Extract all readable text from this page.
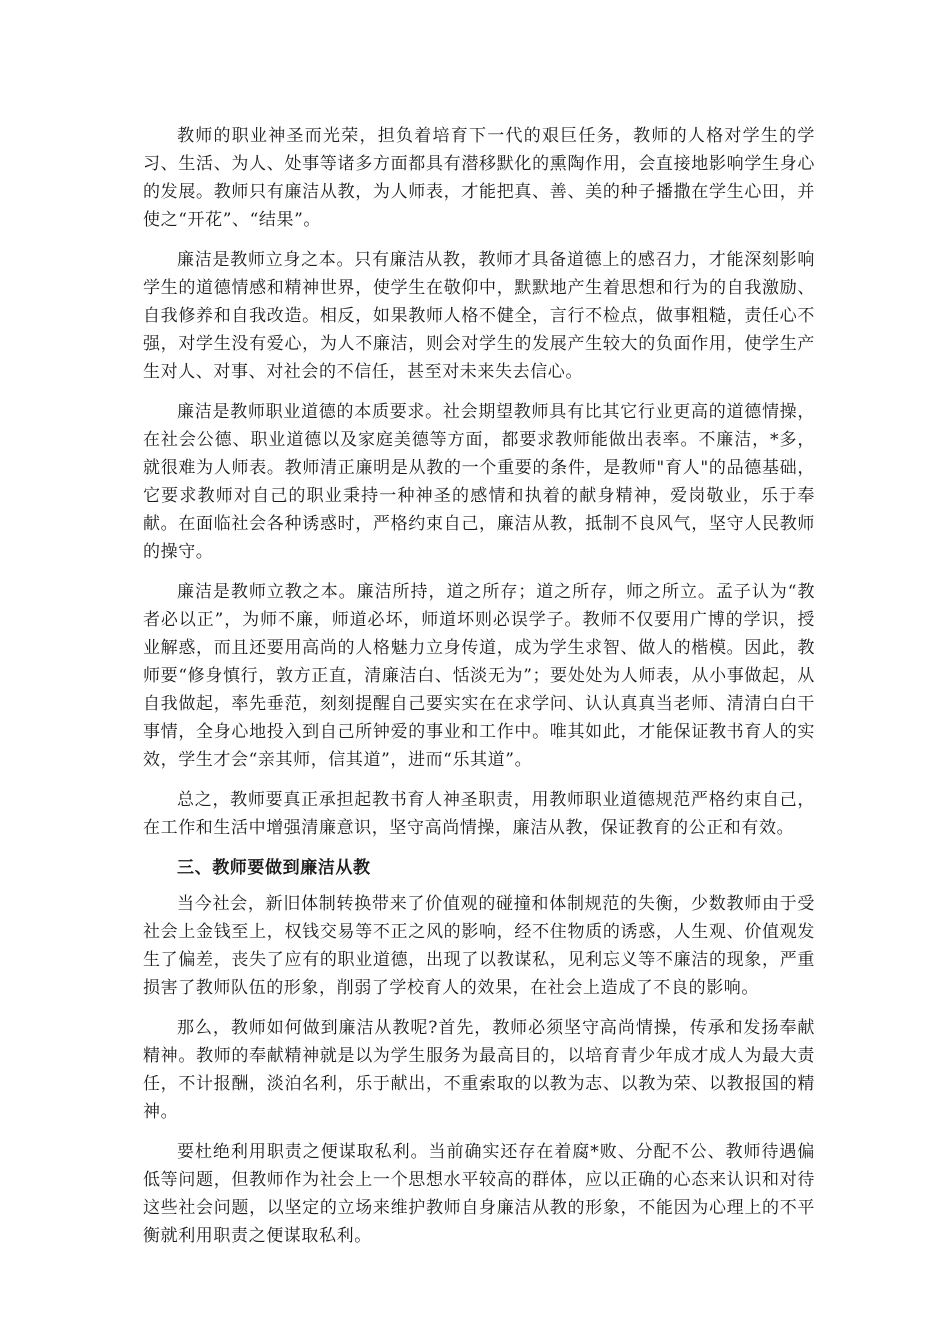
教师的职业神圣而光荣，担负着培育下一代的艰巨任务，教师的人格对学生的学习、生活、为人、处事等诸多方面都具有潜移默化的熏陶作用，会直接地影响学生身心的发展。教师只有廉洁从教，为人师表，才能把真、善、美的种子播撒在学生心田，并使之“开花”、“结果”。

廉洁是教师立身之本。只有廉洁从教，教师才具备道德上的感召力，才能深刻影响学生的道德情感和精神世界，使学生在敬仰中，默默地产生着思想和行为的自我激励、自我修养和自我改造。相反，如果教师人格不健全，言行不检点，做事粗糙，责任心不强，对学生没有爱心，为人不廉洁，则会对学生的发展产生较大的负面作用，使学生产生对人、对事、对社会的不信任，甚至对未来失去信心。

廉洁是教师职业道德的本质要求。社会期望教师具有比其它行业更高的道德情操，在社会公德、职业道德以及家庭美德等方面，都要求教师能做出表率。不廉洁，*多，就很难为人师表。教师清正廉明是从教的一个重要的条件，是教师"育人"的品德基础，它要求教师对自己的职业秉持一种神圣的感情和执着的献身精神，爱岗敬业，乐于奉献。在面临社会各种诱惑时，严格约束自己，廉洁从教，抵制不良风气，坚守人民教师的操守。

廉洁是教师立教之本。廉洁所持，道之所存；道之所存，师之所立。孟子认为“教者必以正”，为师不廉，师道必坏，师道坏则必误学子。教师不仅要用广博的学识，授业解惑，而且还要用高尚的人格魅力立身传道，成为学生求智、做人的楷模。因此，教师要“修身慎行，敦方正直，清廉洁白、恬淡无为”；要处处为人师表，从小事做起，从自我做起，率先垂范，刻刻提醒自己要实实在在求学问、认认真真当老师、清清白白干事情，全身心地投入到自己所钟爱的事业和工作中。唯其如此，才能保证教书育人的实效，学生才会“亲其师，信其道”，进而“乐其道”。

总之，教师要真正承担起教书育人神圣职责，用教师职业道德规范严格约束自己，在工作和生活中增强清廉意识，坚守高尚情操，廉洁从教，保证教育的公正和有效。

三、教师要做到廉洁从教

当今社会，新旧体制转换带来了价值观的碰撞和体制规范的失衡，少数教师由于受社会上金钱至上，权钱交易等不正之风的影响，经不住物质的诱惑，人生观、价值观发生了偏差，丧失了应有的职业道德，出现了以教谋私，见利忘义等不廉洁的现象，严重损害了教师队伍的形象，削弱了学校育人的效果，在社会上造成了不良的影响。

那么，教师如何做到廉洁从教呢?首先，教师必须坚守高尚情操，传承和发扬奉献精神。教师的奉献精神就是以为学生服务为最高目的，以培育青少年成才成人为最大责任，不计报酬，淡泊名利，乐于献出，不重索取的以教为志、以教为荣、以教报国的精神。

要杜绝利用职责之便谋取私利。当前确实还存在着腐*败、分配不公、教师待遇偏低等问题，但教师作为社会上一个思想水平较高的群体，应以正确的心态来认识和对待这些社会问题，以坚定的立场来维护教师自身廉洁从教的形象，不能因为心理上的不平衡就利用职责之便谋取私利。
